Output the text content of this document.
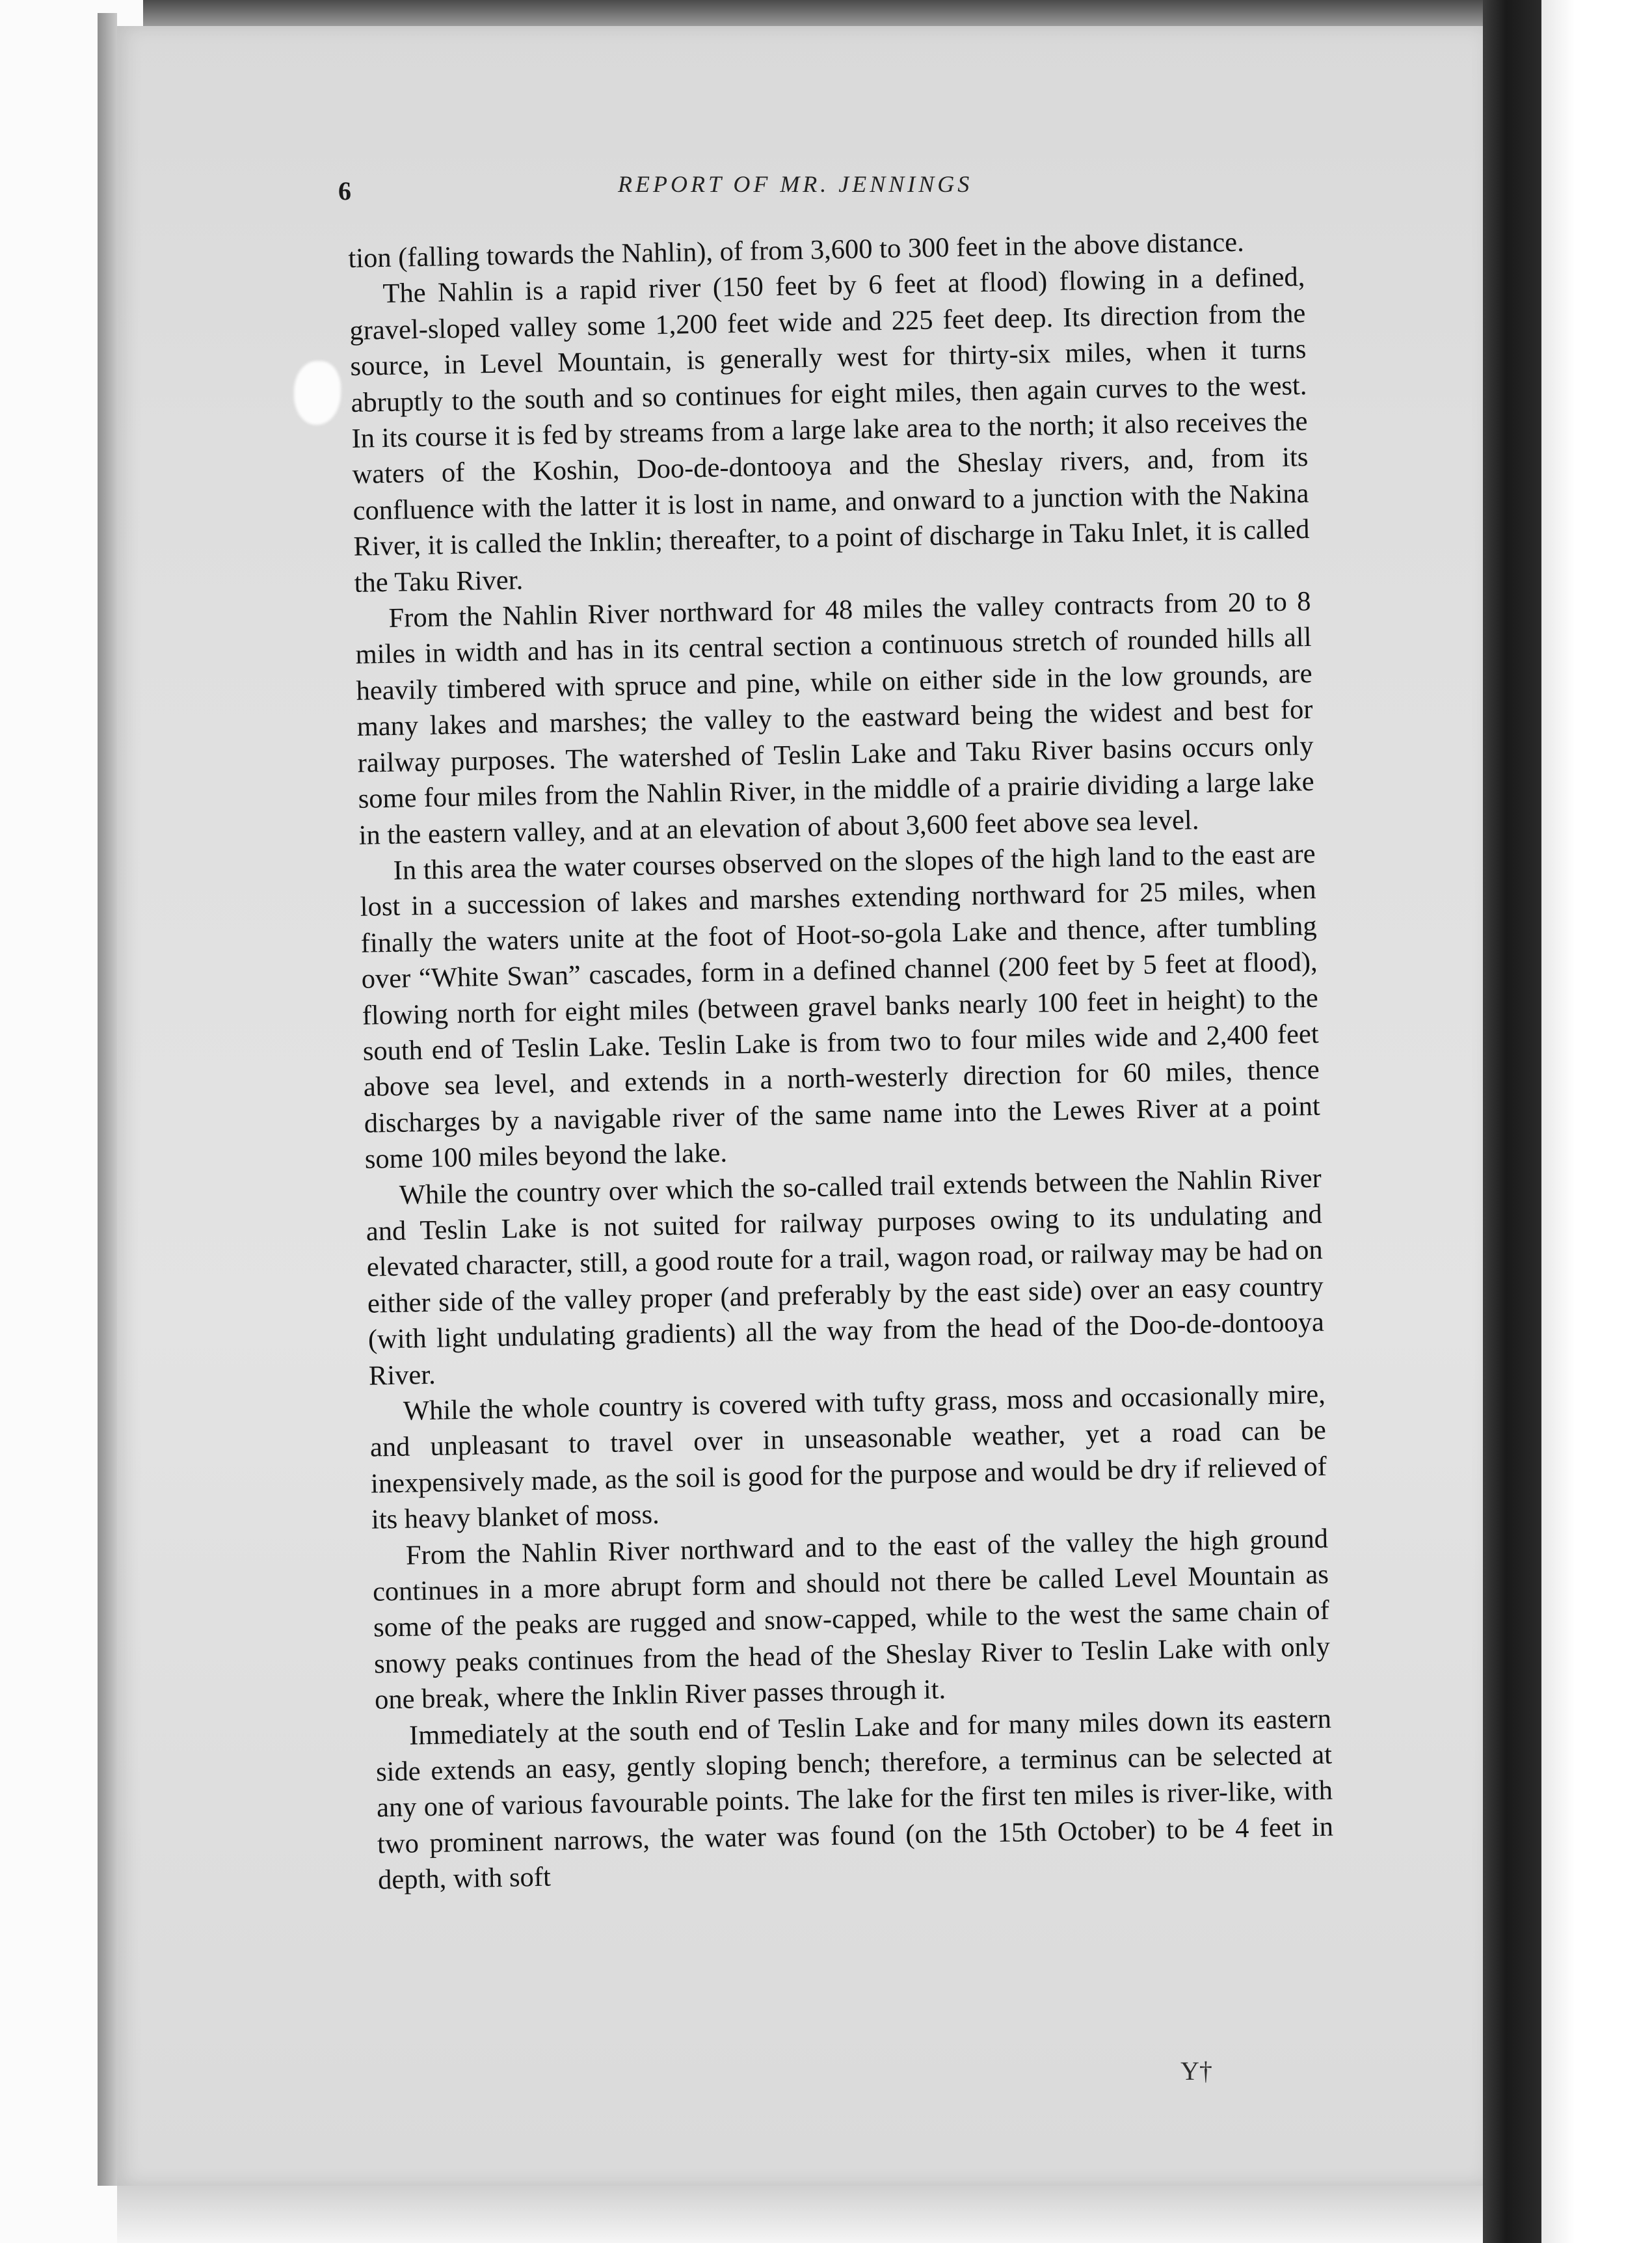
6	REPORT OF MR. JENNINGS

tion (falling towards the Nahlin), of from 3,600 to 300 feet in the above distance.

The Nahlin is a rapid river (150 feet by 6 feet at flood) flowing in a defined, gravel-sloped valley some 1,200 feet wide and 225 feet deep. Its direction from the source, in Level Mountain, is generally west for thirty-six miles, when it turns abruptly to the south and so continues for eight miles, then again curves to the west. In its course it is fed by streams from a large lake area to the north; it also receives the waters of the Koshin, Doo-de-dontooya and the Sheslay rivers, and, from its confluence with the latter it is lost in name, and onward to a junction with the Nakina River, it is called the Inklin; thereafter, to a point of discharge in Taku Inlet, it is called the Taku River.

From the Nahlin River northward for 48 miles the valley contracts from 20 to 8 miles in width and has in its central section a continuous stretch of rounded hills all heavily timbered with spruce and pine, while on either side in the low grounds, are many lakes and marshes; the valley to the eastward being the widest and best for railway purposes. The watershed of Teslin Lake and Taku River basins occurs only some four miles from the Nahlin River, in the middle of a prairie dividing a large lake in the eastern valley, and at an elevation of about 3,600 feet above sea level.

In this area the water courses observed on the slopes of the high land to the east are lost in a succession of lakes and marshes extending northward for 25 miles, when finally the waters unite at the foot of Hoot-so-gola Lake and thence, after tumbling over “White Swan” cascades, form in a defined channel (200 feet by 5 feet at flood), flowing north for eight miles (between gravel banks nearly 100 feet in height) to the south end of Teslin Lake. Teslin Lake is from two to four miles wide and 2,400 feet above sea level, and extends in a north-westerly direction for 60 miles, thence discharges by a navigable river of the same name into the Lewes River at a point some 100 miles beyond the lake.

While the country over which the so-called trail extends between the Nahlin River and Teslin Lake is not suited for railway purposes owing to its undulating and elevated character, still, a good route for a trail, wagon road, or railway may be had on either side of the valley proper (and preferably by the east side) over an easy country (with light undulating gradients) all the way from the head of the Doo-de-dontooya River.

While the whole country is covered with tufty grass, moss and occasionally mire, and unpleasant to travel over in unseasonable weather, yet a road can be inexpensively made, as the soil is good for the purpose and would be dry if relieved of its heavy blanket of moss.

From the Nahlin River northward and to the east of the valley the high ground continues in a more abrupt form and should not there be called Level Mountain as some of the peaks are rugged and snow-capped, while to the west the same chain of snowy peaks continues from the head of the Sheslay River to Teslin Lake with only one break, where the Inklin River passes through it.

Immediately at the south end of Teslin Lake and for many miles down its eastern side extends an easy, gently sloping bench; therefore, a terminus can be selected at any one of various favourable points. The lake for the first ten miles is river-like, with two prominent narrows, the water was found (on the 15th October) to be 4 feet in depth, with soft

Y†
